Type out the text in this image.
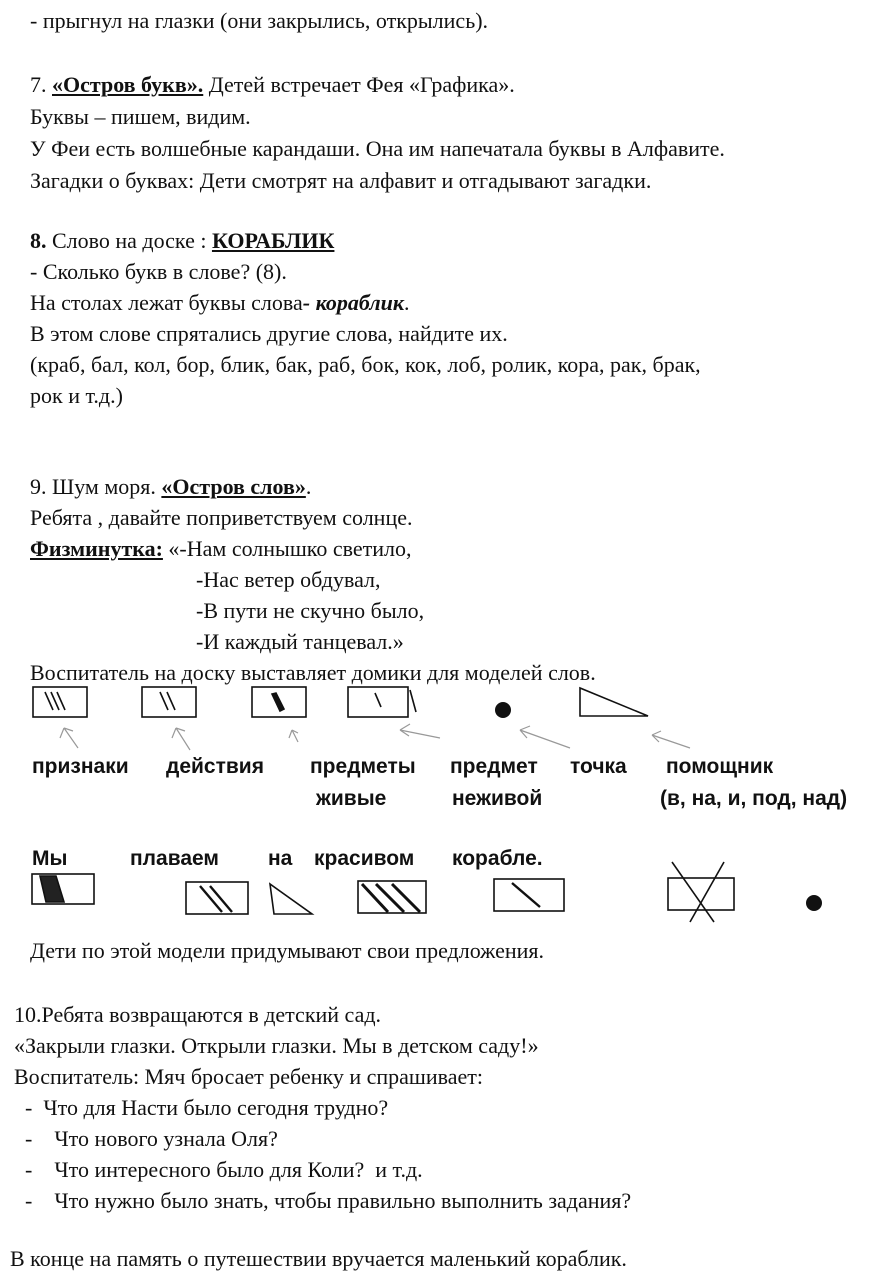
- прыгнул на глазки (они закрылись, открылись).
7. «Остров букв». Детей встречает Фея «Графика».
Буквы – пишем, видим.
У Феи есть волшебные карандаши. Она им напечатала буквы в Алфавите.
Загадки о буквах: Дети смотрят на алфавит и отгадывают загадки.
8. Слово на доске : КОРАБЛИК
- Сколько букв в слове? (8).
На столах лежат буквы слова- кораблик.
В этом слове спрятались другие слова, найдите их.
(краб, бал, кол, бор, блик, бак, раб, бок, кок, лоб, ролик, кора, рак, брак,
рок и т.д.)
9. Шум моря. «Остров слов».
Ребята , давайте поприветствуем солнце.
Физминутка: «-Нам солнышко светило,
-Нас ветер обдувал,
-В пути не скучно было,
-И каждый танцевал.»
Воспитатель на доску выставляет домики для моделей слов.
признаки действия предметы
живые
предмет
неживой
точка помощник
(в, на, и, под, над)
Мы	плаваем на красивом корабле.
Дети по этой модели придумывают свои предложения.
10.Ребята возвращаются в детский сад.
«Закрыли глазки. Открыли глазки. Мы в детском саду!»
Воспитатель: Мяч бросает ребенку и спрашивает:
-  Что для Насти было сегодня трудно?
-    Что нового узнала Оля?
-    Что интересного было для Коли?  и т.д.
-    Что нужно было знать, чтобы правильно выполнить задания?
В конце на память о путешествии вручается маленький кораблик.
